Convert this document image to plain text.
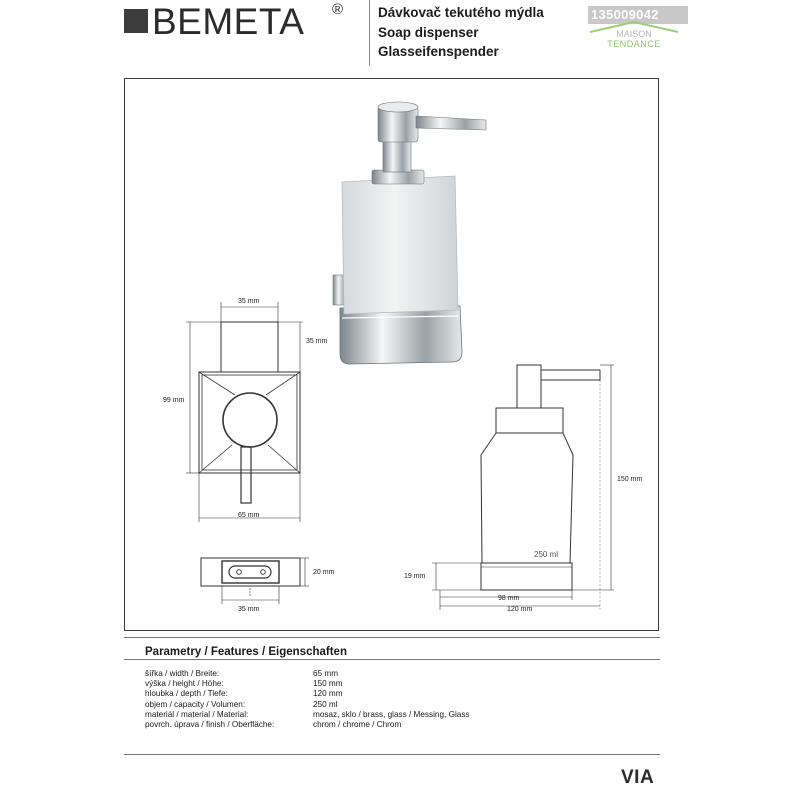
BEMETA ®	Dávkovač tekutého mýdla
Soap dispenser
Glasseifenspender
135009042
MAISON
TENDANCE
35 mm
35 mm
99 mm
65 mm
20 mm
35 mm
150 mm
19 mm
98 mm
120 mm
250 ml
Parametry / Features / Eigenschaften
šířka / width / Breite:	65 mm
výška / height / Höhe:	150 mm
hloubka / depth / Tiefe:	120 mm
objem / capacity / Volumen:	250 ml
materiál / material / Material:	mosaz, sklo / brass, glass / Messing, Glass
povrch. úprava / finish / Oberfläche:	chrom / chrome / Chrom
VIA
